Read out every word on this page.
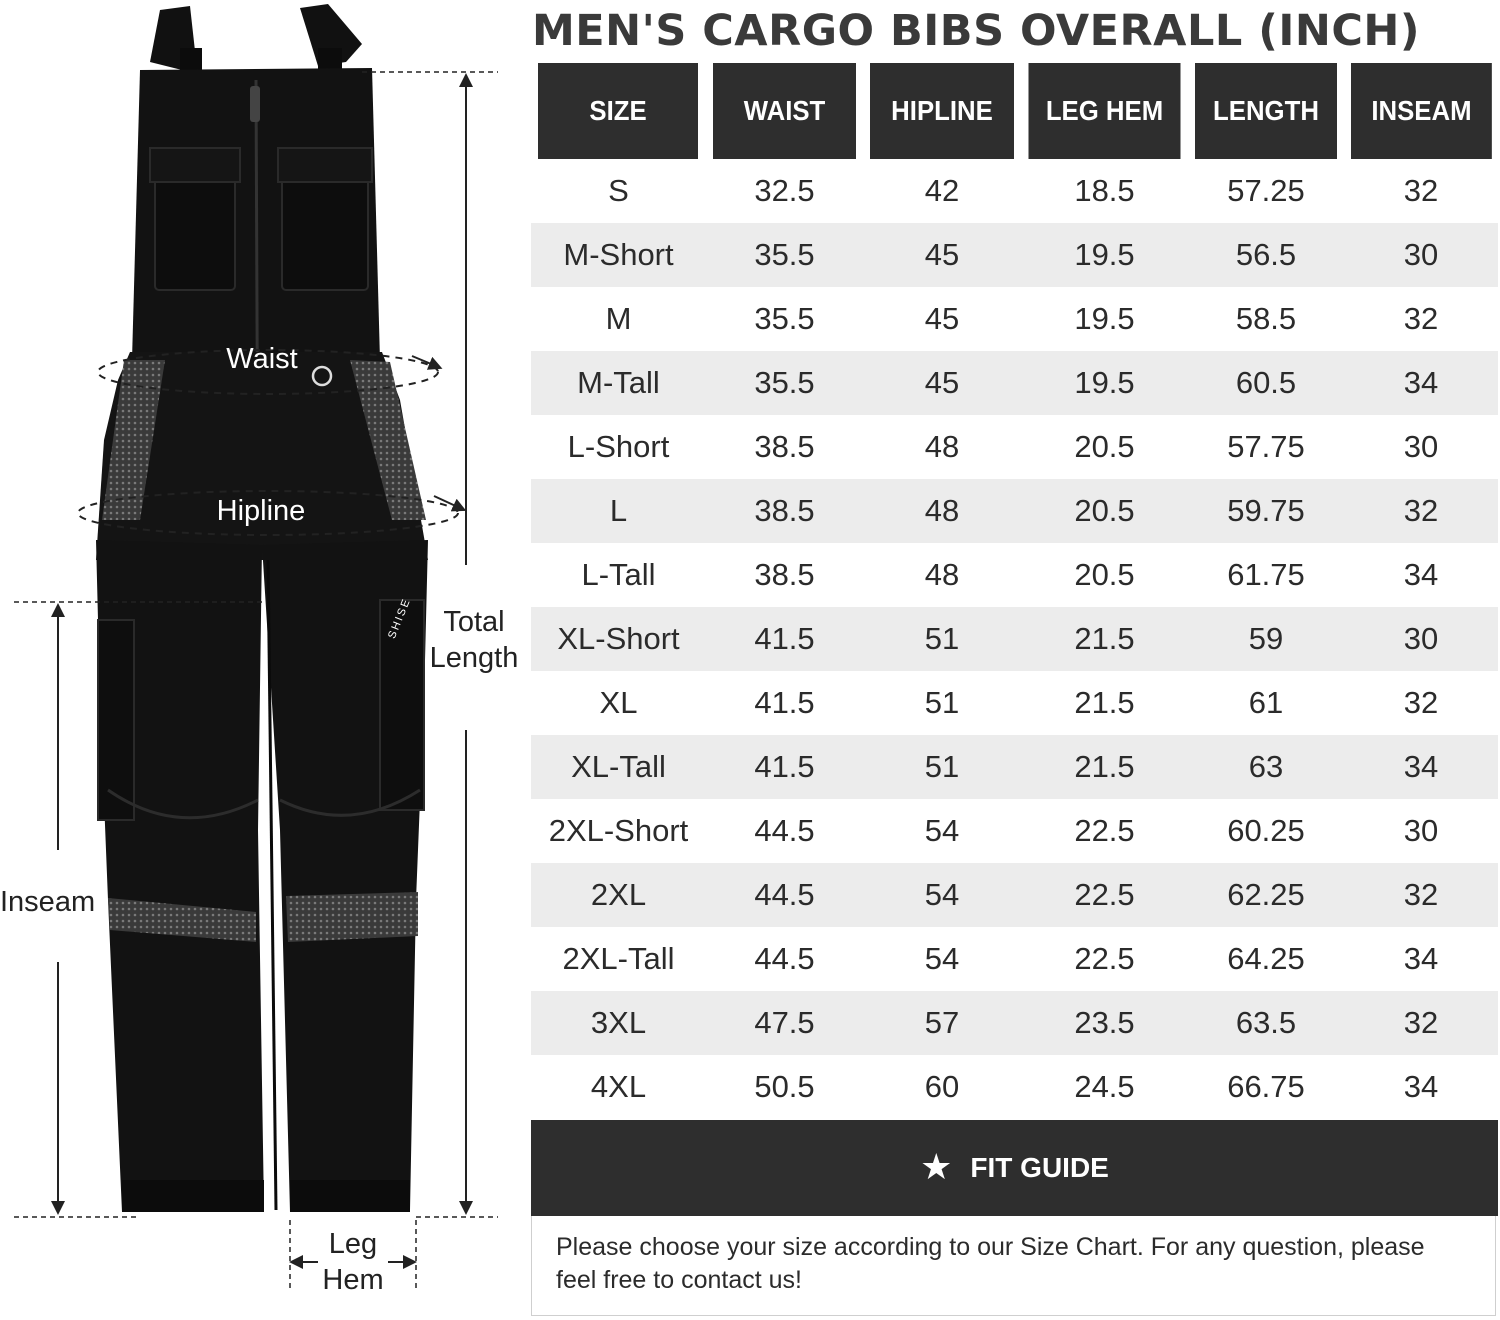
Waist
Hipline
Total
Length
Inseam
Leg
Hem
SHISE
MEN'S CARGO BIBS OVERALL (INCH)
SIZE	WAIST	HIPLINE	LEG HEM	LENGTH	INSEAM
S	32.5	42	18.5	57.25	32
M-Short	35.5	45	19.5	56.5	30
M	35.5	45	19.5	58.5	32
M-Tall	35.5	45	19.5	60.5	34
L-Short	38.5	48	20.5	57.75	30
L	38.5	48	20.5	59.75	32
L-Tall	38.5	48	20.5	61.75	34
XL-Short	41.5	51	21.5	59	30
XL	41.5	51	21.5	61	32
XL-Tall	41.5	51	21.5	63	34
2XL-Short	44.5	54	22.5	60.25	30
2XL	44.5	54	22.5	62.25	32
2XL-Tall	44.5	54	22.5	64.25	34
3XL	47.5	57	23.5	63.5	32
4XL	50.5	60	24.5	66.75	34
★ FIT GUIDE
Please choose your size according to our Size Chart. For any question, please feel free to contact us!
